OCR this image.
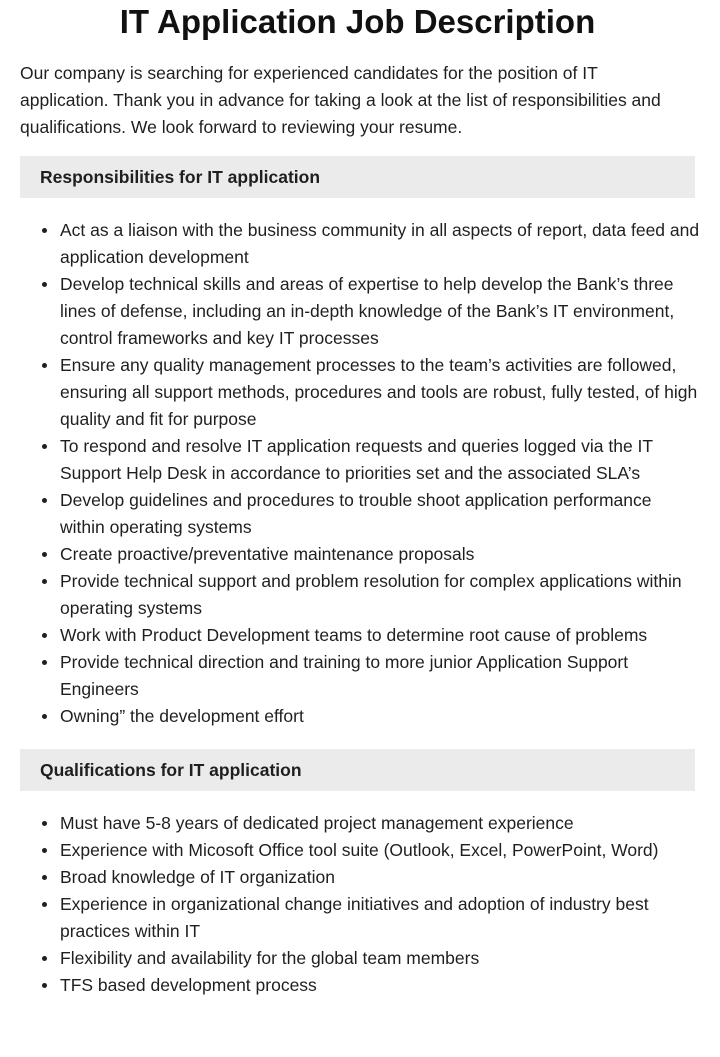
IT Application Job Description

Our company is searching for experienced candidates for the position of IT application. Thank you in advance for taking a look at the list of responsibilities and qualifications. We look forward to reviewing your resume.

Responsibilities for IT application
Act as a liaison with the business community in all aspects of report, data feed and application development
Develop technical skills and areas of expertise to help develop the Bank’s three lines of defense, including an in-depth knowledge of the Bank’s IT environment, control frameworks and key IT processes
Ensure any quality management processes to the team’s activities are followed, ensuring all support methods, procedures and tools are robust, fully tested, of high quality and fit for purpose
To respond and resolve IT application requests and queries logged via the IT Support Help Desk in accordance to priorities set and the associated SLA’s
Develop guidelines and procedures to trouble shoot application performance within operating systems
Create proactive/preventative maintenance proposals
Provide technical support and problem resolution for complex applications within operating systems
Work with Product Development teams to determine root cause of problems
Provide technical direction and training to more junior Application Support Engineers
Owning” the development effort
Qualifications for IT application
Must have 5-8 years of dedicated project management experience
Experience with Micosoft Office tool suite (Outlook, Excel, PowerPoint, Word)
Broad knowledge of IT organization
Experience in organizational change initiatives and adoption of industry best practices within IT
Flexibility and availability for the global team members
TFS based development process
